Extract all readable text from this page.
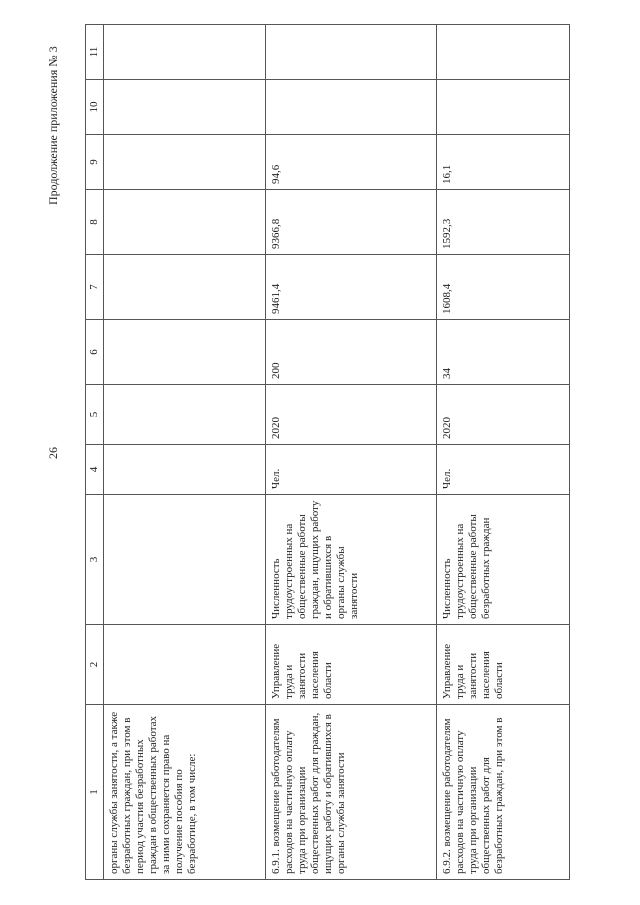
26
Продолжение приложения № 3
1	2	3	4	5	6	7	8	9	10	11
органы службы занятости, а также безработных граждан, при этом в период участия безработных граждан в общественных работах за ними сохраняется право на получение пособия по безработице, в том числе:										
6.9.1. возмещение работодателям расходов на частичную оплату труда при организации общественных работ для граждан, ищущих работу и обратившихся в органы службы занятости	Управление труда и занятости населения области	Численность трудоустроенных на общественные работы граждан, ищущих работу и обратившихся в органы службы занятости	Чел.	2020	200	9461,4	9366,8	94,6		
6.9.2. возмещение работодателям расходов на частичную оплату труда при организации общественных работ для безработных граждан, при этом в	Управление труда и занятости населения области	Численность трудоустроенных на общественные работы безработных граждан	Чел.	2020	34	1608,4	1592,3	16,1		
